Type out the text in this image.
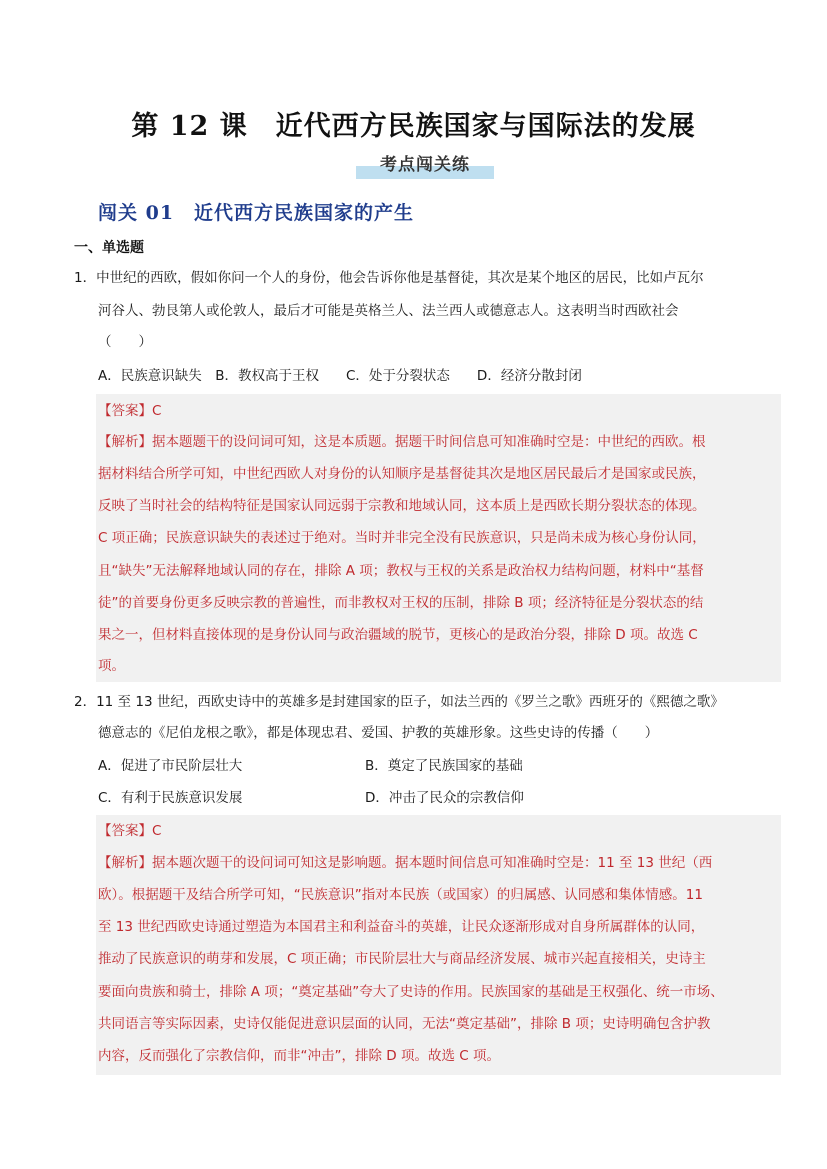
第 12 课　近代西方民族国家与国际法的发展
考点闯关练
闯关 01　近代西方民族国家的产生
一、单选题
1．中世纪的西欧，假如你问一个人的身份，他会告诉你他是基督徒，其次是某个地区的居民，比如卢瓦尔
河谷人、勃艮第人或伦敦人，最后才可能是英格兰人、法兰西人或德意志人。这表明当时西欧社会
（　　）
A．民族意识缺失　B．教权高于王权　　C．处于分裂状态　　D．经济分散封闭
【答案】C
【解析】据本题题干的设问词可知，这是本质题。据题干时间信息可知准确时空是：中世纪的西欧。根
据材料结合所学可知，中世纪西欧人对身份的认知顺序是基督徒其次是地区居民最后才是国家或民族，
反映了当时社会的结构特征是国家认同远弱于宗教和地域认同，这本质上是西欧长期分裂状态的体现。
C 项正确；民族意识缺失的表述过于绝对。当时并非完全没有民族意识，只是尚未成为核心身份认同，
且“缺失”无法解释地域认同的存在，排除 A 项；教权与王权的关系是政治权力结构问题，材料中“基督
徒”的首要身份更多反映宗教的普遍性，而非教权对王权的压制，排除 B 项；经济特征是分裂状态的结
果之一，但材料直接体现的是身份认同与政治疆域的脱节，更核心的是政治分裂，排除 D 项。故选 C
项。
2．11 至 13 世纪，西欧史诗中的英雄多是封建国家的臣子，如法兰西的《罗兰之歌》西班牙的《熙德之歌》
德意志的《尼伯龙根之歌》，都是体现忠君、爱国、护教的英雄形象。这些史诗的传播（　　）
A．促进了市民阶层壮大	B．奠定了民族国家的基础
C．有利于民族意识发展	D．冲击了民众的宗教信仰
【答案】C
【解析】据本题次题干的设问词可知这是影响题。据本题时间信息可知准确时空是：11 至 13 世纪（西
欧）。根据题干及结合所学可知，“民族意识”指对本民族（或国家）的归属感、认同感和集体情感。11
至 13 世纪西欧史诗通过塑造为本国君主和利益奋斗的英雄，让民众逐渐形成对自身所属群体的认同，
推动了民族意识的萌芽和发展，C 项正确；市民阶层壮大与商品经济发展、城市兴起直接相关，史诗主
要面向贵族和骑士，排除 A 项；“奠定基础”夸大了史诗的作用。民族国家的基础是王权强化、统一市场、
共同语言等实际因素，史诗仅能促进意识层面的认同，无法“奠定基础”，排除 B 项；史诗明确包含护教
内容，反而强化了宗教信仰，而非“冲击”，排除 D 项。故选 C 项。
